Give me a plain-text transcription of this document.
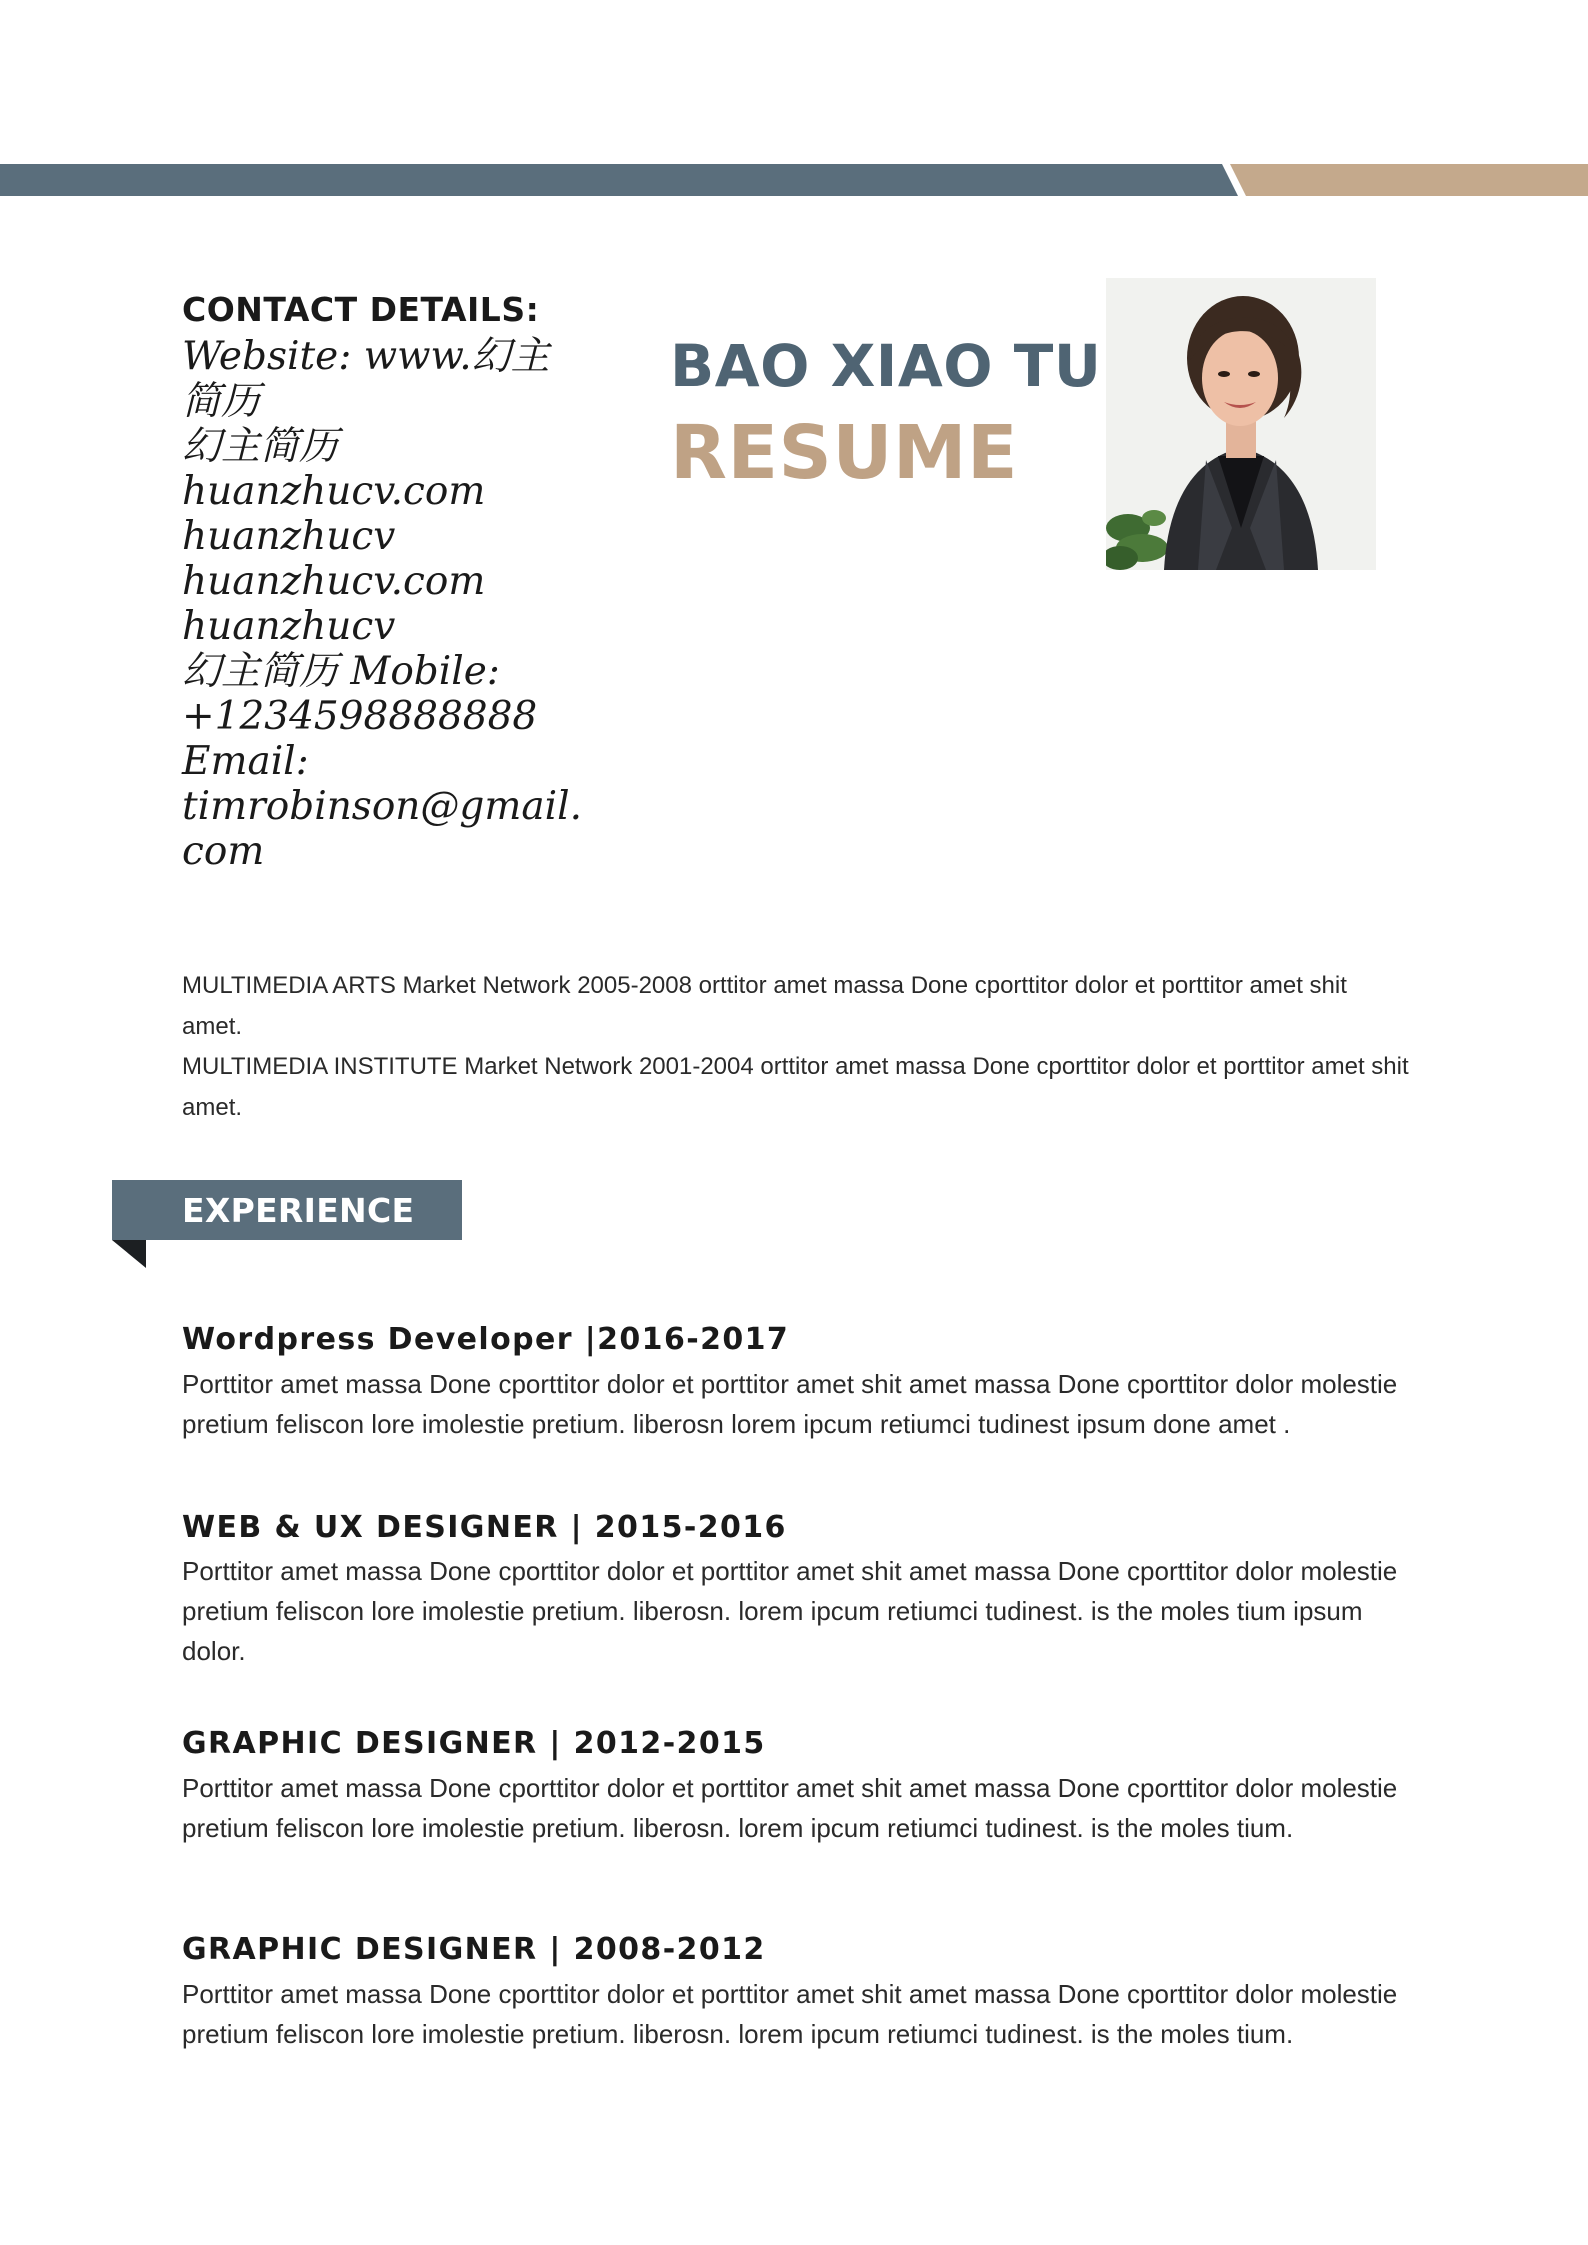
CONTACT DETAILS:
Website: www.幻主简历
幻主简历
huanzhucv.com
huanzhucv
huanzhucv.com
huanzhucv
幻主简历 Mobile:
+1234598888888
Email:
timrobinson@gmail.com
BAO XIAO TU
RESUME
MULTIMEDIA ARTS Market Network 2005-2008 orttitor amet massa Done cporttitor dolor et porttitor amet shit amet.
MULTIMEDIA INSTITUTE Market Network 2001-2004 orttitor amet massa Done cporttitor dolor et porttitor amet shit amet.
EXPERIENCE
Wordpress Developer |2016-2017
Porttitor amet massa Done cporttitor dolor et porttitor amet shit amet massa Done cporttitor dolor molestie pretium feliscon lore imolestie pretium. liberosn lorem ipcum retiumci tudinest ipsum done amet .
WEB & UX DESIGNER | 2015-2016
Porttitor amet massa Done cporttitor dolor et porttitor amet shit amet massa Done cporttitor dolor molestie pretium feliscon lore imolestie pretium. liberosn. lorem ipcum retiumci tudinest. is the moles tium ipsum dolor.
GRAPHIC DESIGNER | 2012-2015
Porttitor amet massa Done cporttitor dolor et porttitor amet shit amet massa Done cporttitor dolor molestie pretium feliscon lore imolestie pretium. liberosn. lorem ipcum retiumci tudinest. is the moles tium.
GRAPHIC DESIGNER | 2008-2012
Porttitor amet massa Done cporttitor dolor et porttitor amet shit amet massa Done cporttitor dolor molestie pretium feliscon lore imolestie pretium. liberosn. lorem ipcum retiumci tudinest. is the moles tium.
